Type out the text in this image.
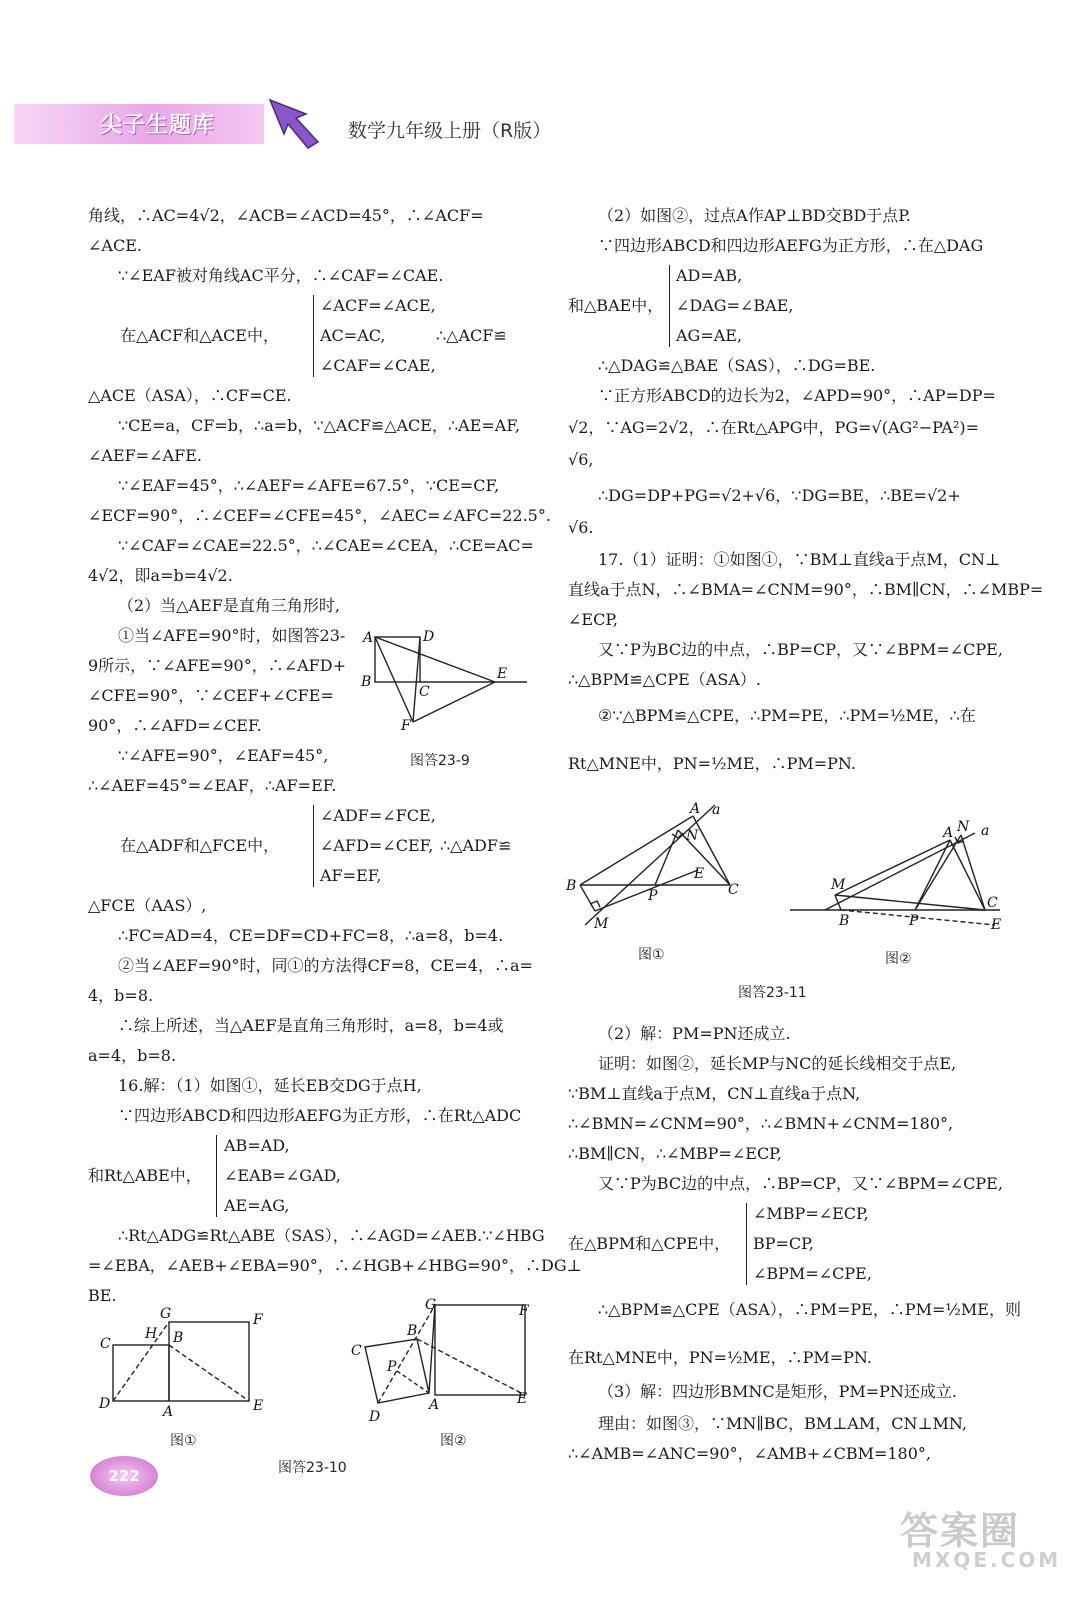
尖子生题库	数学九年级上册（R版）
角线，∴AC=4√2，∠ACB=∠ACD=45°，∴∠ACF=
∠ACE.
∵∠EAF被对角线AC平分，∴∠CAF=∠CAE.
∠ACF=∠ACE,
在△ACF和△ACE中，	AC=AC,	∴△ACF≌
∠CAF=∠CAE,
△ACE（ASA），∴CF=CE.
∵CE=a，CF=b，∴a=b，∵△ACF≌△ACE，∴AE=AF,
∠AEF=∠AFE.
∵∠EAF=45°，∴∠AEF=∠AFE=67.5°，∵CE=CF,
∠ECF=90°，∴∠CEF=∠CFE=45°，∠AEC=∠AFC=22.5°.
∵∠CAF=∠CAE=22.5°，∴∠CAE=∠CEA，∴CE=AC=
4√2，即a=b=4√2.
（2）当△AEF是直角三角形时,
①当∠AFE=90°时，如图答23-
9所示，∵∠AFE=90°，∴∠AFD+
∠CFE=90°，∵∠CEF+∠CFE=
90°，∴∠AFD=∠CEF.
∵∠AFE=90°，∠EAF=45°,
∴∠AEF=45°=∠EAF，∴AF=EF.
∠ADF=∠FCE,
在△ADF和△FCE中，	∠AFD=∠CEF, ∴△ADF≌
AF=EF,
△FCE（AAS）,
∴FC=AD=4，CE=DF=CD+FC=8，∴a=8，b=4.
②当∠AEF=90°时，同①的方法得CF=8，CE=4，∴a=
4，b=8.
∴综上所述，当△AEF是直角三角形时，a=8，b=4或
a=4，b=8.
16.解：（1）如图①，延长EB交DG于点H,
∵四边形ABCD和四边形AEFG为正方形，∴在Rt△ADC
AB=AD,
和Rt△ABE中， ∠EAB=∠GAD,
AE=AG,
∴Rt△ADG≌Rt△ABE（SAS），∴∠AGD=∠AEB.∵∠HBG
=∠EBA，∠AEB+∠EBA=90°，∴∠HGB+∠HBG=90°，∴DG⊥
BE.
A	D
B
C
E
F
图答23-9
G
C
H B
F
D	A	E
图①
G
B
F
C
P
D
A	E
图②
图答23-10
（2）如图②，过点A作AP⊥BD交BD于点P.
∵四边形ABCD和四边形AEFG为正方形，∴在△DAG
AD=AB,
和△BAE中， ∠DAG=∠BAE,
AG=AE,
∴△DAG≌△BAE（SAS），∴DG=BE.
∵正方形ABCD的边长为2，∠APD=90°，∴AP=DP=
√2，∵AG=2√2，∴在Rt△APG中，PG=√(AG²−PA²)=
√6,
∴DG=DP+PG=√2+√6，∵DG=BE，∴BE=√2+
√6.
17.（1）证明：①如图①，∵BM⊥直线a于点M，CN⊥
直线a于点N，∴∠BMA=∠CNM=90°，∴BM∥CN，∴∠MBP=
∠ECP,
又∵P为BC边的中点，∴BP=CP，又∵∠BPM=∠CPE,
∴△BPM≌△CPE（ASA）.
②∵△BPM≌△CPE，∴PM=PE，∴PM=½ME，∴在
Rt△MNE中，PN=½ME，∴PM=PN.
（2）解：PM=PN还成立.
证明：如图②，延长MP与NC的延长线相交于点E,
∵BM⊥直线a于点M，CN⊥直线a于点N,
∴∠BMN=∠CNM=90°，∴∠BMN+∠CNM=180°,
∴BM∥CN，∴∠MBP=∠ECP,
又∵P为BC边的中点，∴BP=CP，又∵∠BPM=∠CPE,
∠MBP=∠ECP,
在△BPM和△CPE中， BP=CP,
∠BPM=∠CPE,
∴△BPM≌△CPE（ASA），∴PM=PE，∴PM=½ME，则
在Rt△MNE中，PN=½ME，∴PM=PN.
（3）解：四边形BMNC是矩形，PM=PN还成立.
理由：如图③，∵MN∥BC，BM⊥AM，CN⊥MN,
∴∠AMB=∠ANC=90°，∠AMB+∠CBM=180°,
A a
N
B
P
E
C
M
图①
A N a
M
B	P
C
E
图②
图答23-11
222
答案圈
MXQE.COM
